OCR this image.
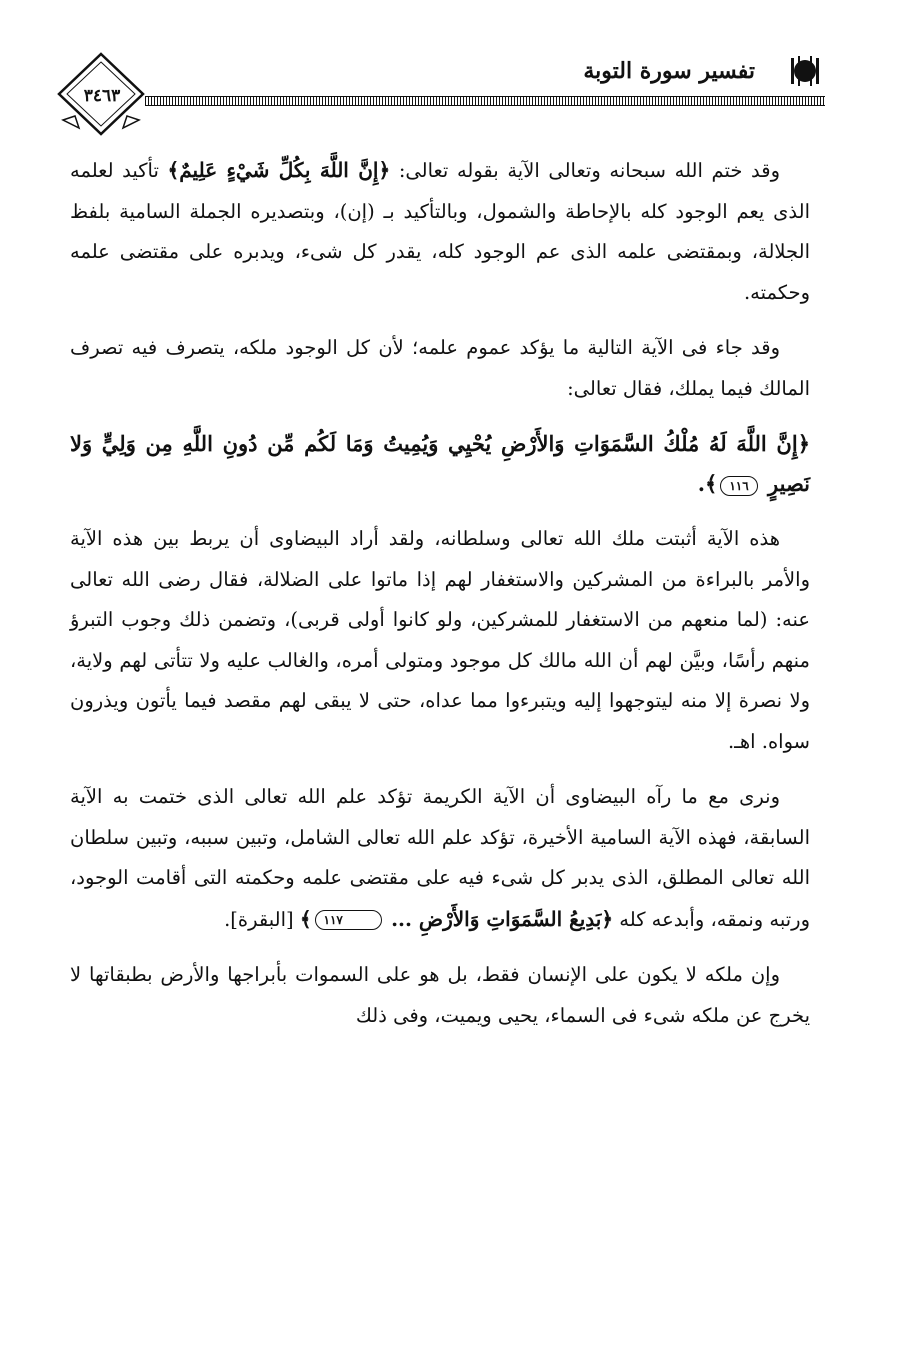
٣٤٦٣
تفسير سورة التوبة

وقد ختم الله سبحانه وتعالى الآية بقوله تعالى: ﴿إِنَّ اللَّهَ بِكُلِّ شَيْءٍ عَلِيمٌ﴾ تأكيد لعلمه الذى يعم الوجود كله بالإحاطة والشمول، وبالتأكيد بـ (إن)، وبتصديره الجملة السامية بلفظ الجلالة، وبمقتضى علمه الذى عم الوجود كله، يقدر كل شىء، ويدبره على مقتضى علمه وحكمته.

وقد جاء فى الآية التالية ما يؤكد عموم علمه؛ لأن كل الوجود ملكه، يتصرف فيه تصرف المالك فيما يملك، فقال تعالى:

﴿إِنَّ اللَّهَ لَهُ مُلْكُ السَّمَوَاتِ وَالأَرْضِ يُحْيِي وَيُمِيتُ وَمَا لَكُم مِّن دُونِ اللَّهِ مِن وَلِيٍّ وَلا نَصِيرٍ ١١٦﴾.

هذه الآية أثبتت ملك الله تعالى وسلطانه، ولقد أراد البيضاوى أن يربط بين هذه الآية والأمر بالبراءة من المشركين والاستغفار لهم إذا ماتوا على الضلالة، فقال رضى الله تعالى عنه: (لما منعهم من الاستغفار للمشركين، ولو كانوا أولى قربى)، وتضمن ذلك وجوب التبرؤ منهم رأسًا، وبيَّن لهم أن الله مالك كل موجود ومتولى أمره، والغالب عليه ولا تتأتى لهم ولاية، ولا نصرة إلا منه ليتوجهوا إليه ويتبرءوا مما عداه، حتى لا يبقى لهم مقصد فيما يأتون ويذرون سواه. اهـ.

ونرى مع ما رآه البيضاوى أن الآية الكريمة تؤكد علم الله تعالى الذى ختمت به الآية السابقة، فهذه الآية السامية الأخيرة، تؤكد علم الله تعالى الشامل، وتبين سببه، وتبين سلطان الله تعالى المطلق، الذى يدبر كل شىء فيه على مقتضى علمه وحكمته التى أقامت الوجود، ورتبه ونمقه، وأبدعه كله ﴿بَدِيعُ السَّمَوَاتِ وَالأَرْضِ ... ١١٧﴾ [البقرة].

وإن ملكه لا يكون على الإنسان فقط، بل هو على السموات بأبراجها والأرض بطبقاتها لا يخرج عن ملكه شىء فى السماء، يحيى ويميت، وفى ذلك
